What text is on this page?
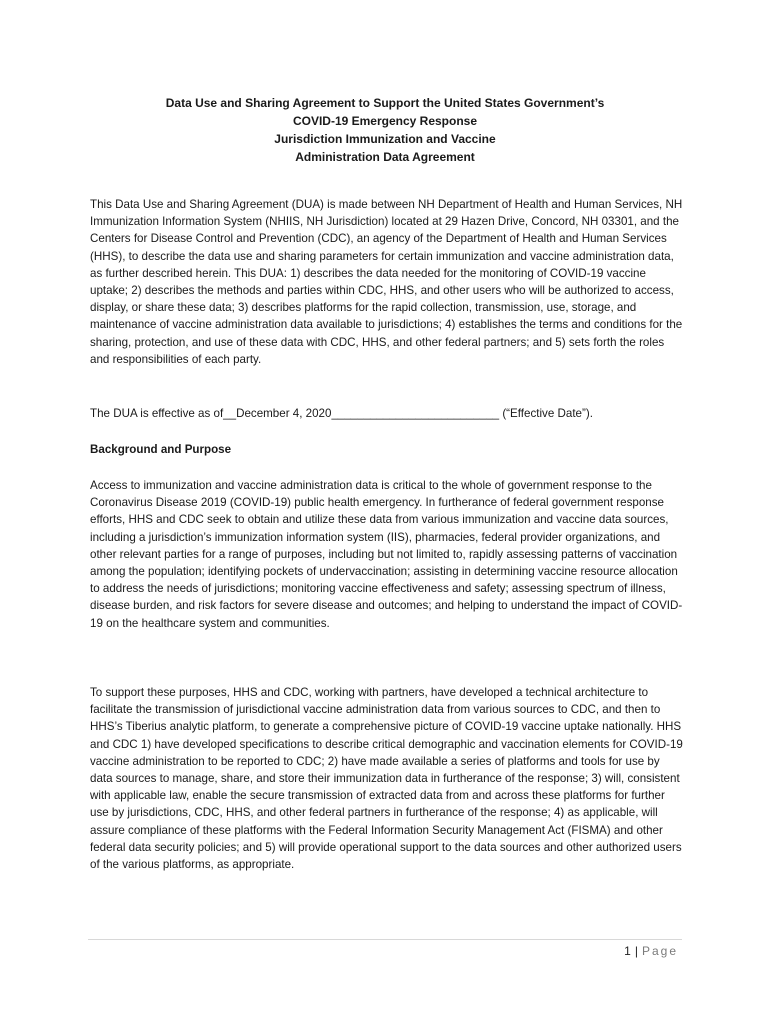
Data Use and Sharing Agreement to Support the United States Government’s
COVID-19 Emergency Response
Jurisdiction Immunization and Vaccine
Administration Data Agreement

This Data Use and Sharing Agreement (DUA) is made between NH Department of Health and Human Services, NH Immunization Information System (NHIIS, NH Jurisdiction) located at 29 Hazen Drive, Concord, NH 03301, and the Centers for Disease Control and Prevention (CDC), an agency of the Department of Health and Human Services (HHS), to describe the data use and sharing parameters for certain immunization and vaccine administration data, as further described herein. This DUA: 1) describes the data needed for the monitoring of COVID-19 vaccine uptake; 2) describes the methods and parties within CDC, HHS, and other users who will be authorized to access, display, or share these data; 3) describes platforms for the rapid collection, transmission, use, storage, and maintenance of vaccine administration data available to jurisdictions; 4) establishes the terms and conditions for the sharing, protection, and use of these data with CDC, HHS, and other federal partners; and 5) sets forth the roles and responsibilities of each party.

The DUA is effective as of__December 4, 2020__________________________ (“Effective Date”).

Background and Purpose

Access to immunization and vaccine administration data is critical to the whole of government response to the Coronavirus Disease 2019 (COVID-19) public health emergency. In furtherance of federal government response efforts, HHS and CDC seek to obtain and utilize these data from various immunization and vaccine data sources, including a jurisdiction’s immunization information system (IIS), pharmacies, federal provider organizations, and other relevant parties for a range of purposes, including but not limited to, rapidly assessing patterns of vaccination among the population; identifying pockets of undervaccination; assisting in determining vaccine resource allocation to address the needs of jurisdictions; monitoring vaccine effectiveness and safety; assessing spectrum of illness, disease burden, and risk factors for severe disease and outcomes; and helping to understand the impact of COVID-19 on the healthcare system and communities.

To support these purposes, HHS and CDC, working with partners, have developed a technical architecture to facilitate the transmission of jurisdictional vaccine administration data from various sources to CDC, and then to HHS’s Tiberius analytic platform, to generate a comprehensive picture of COVID-19 vaccine uptake nationally. HHS and CDC 1) have developed specifications to describe critical demographic and vaccination elements for COVID-19 vaccine administration to be reported to CDC; 2) have made available a series of platforms and tools for use by data sources to manage, share, and store their immunization data in furtherance of the response; 3) will, consistent with applicable law, enable the secure transmission of extracted data from and across these platforms for further use by jurisdictions, CDC, HHS, and other federal partners in furtherance of the response; 4) as applicable, will assure compliance of these platforms with the Federal Information Security Management Act (FISMA) and other federal data security policies; and 5) will provide operational support to the data sources and other authorized users of the various platforms, as appropriate.

1 | Page
